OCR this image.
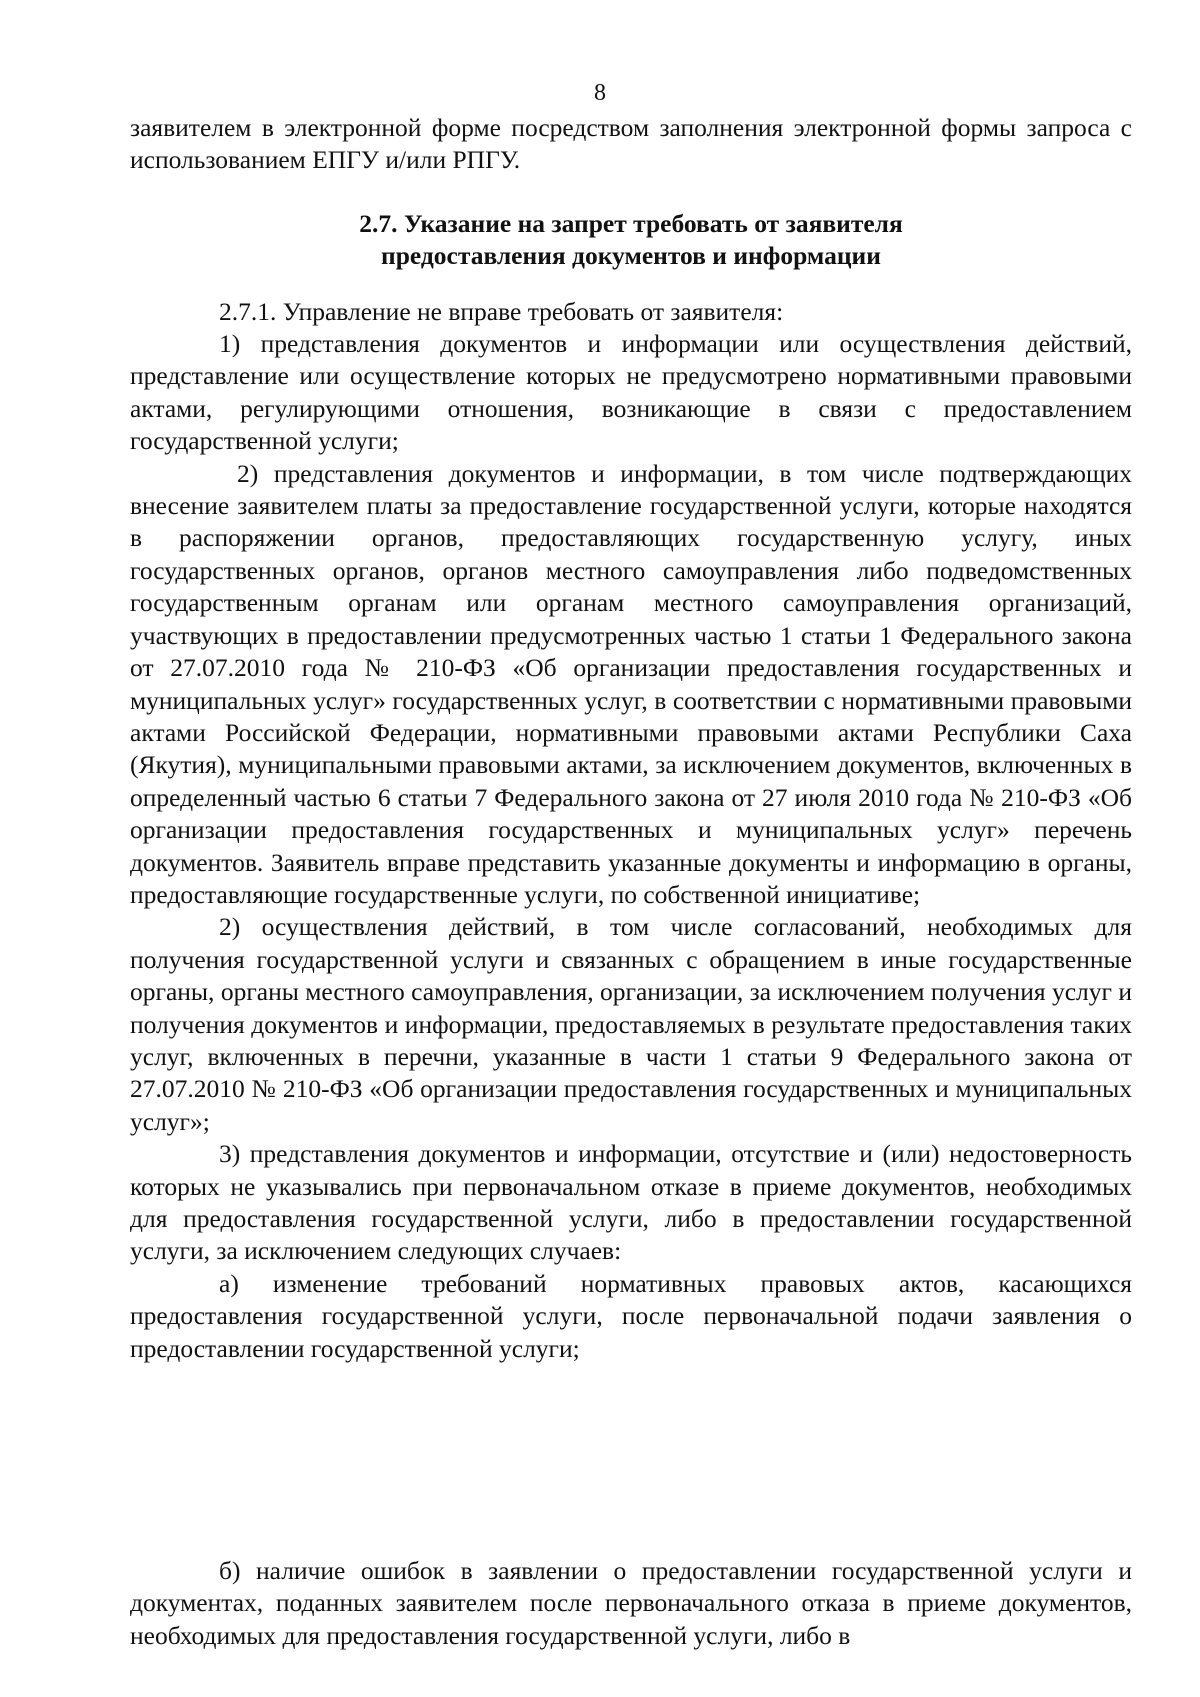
8

заявителем в электронной форме посредством заполнения электронной формы запроса с использованием ЕПГУ и/или РПГУ.

2.7. Указание на запрет требовать от заявителя
предоставления документов и информации

2.7.1. Управление не вправе требовать от заявителя:

1) представления документов и информации или осуществления действий, представление или осуществление которых не предусмотрено нормативными правовыми актами, регулирующими отношения, возникающие в связи с предоставлением государственной услуги;

2) представления документов и информации, в том числе подтверждающих внесение заявителем платы за предоставление государственной услуги, которые находятся в распоряжении органов, предоставляющих государственную услугу, иных государственных органов, органов местного самоуправления либо подведомственных государственным органам или органам местного самоуправления организаций, участвующих в предоставлении предусмотренных частью 1 статьи 1 Федерального закона от 27.07.2010 года № 210-ФЗ «Об организации предоставления государственных и муниципальных услуг» государственных услуг, в соответствии с нормативными правовыми актами Российской Федерации, нормативными правовыми актами Республики Саха (Якутия), муниципальными правовыми актами, за исключением документов, включенных в определенный частью 6 статьи 7 Федерального закона от 27 июля 2010 года № 210-ФЗ «Об организации предоставления государственных и муниципальных услуг» перечень документов. Заявитель вправе представить указанные документы и информацию в органы, предоставляющие государственные услуги, по собственной инициативе;

2) осуществления действий, в том числе согласований, необходимых для получения государственной услуги и связанных с обращением в иные государственные органы, органы местного самоуправления, организации, за исключением получения услуг и получения документов и информации, предоставляемых в результате предоставления таких услуг, включенных в перечни, указанные в части 1 статьи 9 Федерального закона от 27.07.2010 № 210-ФЗ «Об организации предоставления государственных и муниципальных услуг»;

3) представления документов и информации, отсутствие и (или) недостоверность которых не указывались при первоначальном отказе в приеме документов, необходимых для предоставления государственной услуги, либо в предоставлении государственной услуги, за исключением следующих случаев:

а) изменение требований нормативных правовых актов, касающихся предоставления государственной услуги, после первоначальной подачи заявления о предоставлении государственной услуги;

б) наличие ошибок в заявлении о предоставлении государственной услуги и документах, поданных заявителем после первоначального отказа в приеме документов, необходимых для предоставления государственной услуги, либо в
